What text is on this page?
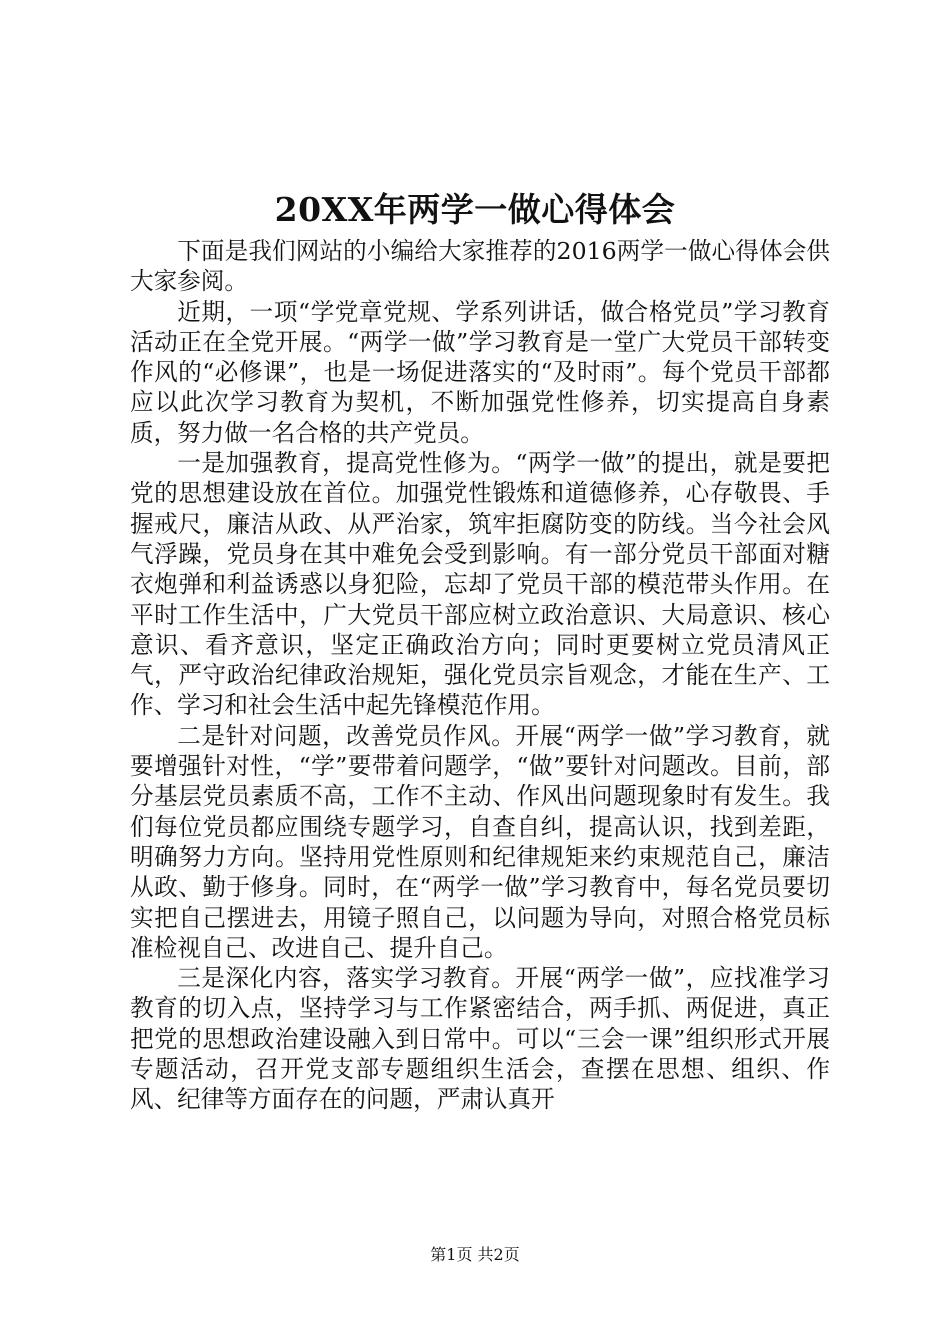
20XX年两学一做心得体会

下面是我们网站的小编给大家推荐的2016两学一做心得体会供大家参阅。

近期，一项“学党章党规、学系列讲话，做合格党员”学习教育活动正在全党开展。“两学一做”学习教育是一堂广大党员干部转变作风的“必修课”，也是一场促进落实的“及时雨”。每个党员干部都应以此次学习教育为契机，不断加强党性修养，切实提高自身素质，努力做一名合格的共产党员。

一是加强教育，提高党性修为。“两学一做”的提出，就是要把党的思想建设放在首位。加强党性锻炼和道德修养，心存敬畏、手握戒尺，廉洁从政、从严治家，筑牢拒腐防变的防线。当今社会风气浮躁，党员身在其中难免会受到影响。有一部分党员干部面对糖衣炮弹和利益诱惑以身犯险，忘却了党员干部的模范带头作用。在平时工作生活中，广大党员干部应树立政治意识、大局意识、核心意识、看齐意识，坚定正确政治方向；同时更要树立党员清风正气，严守政治纪律政治规矩，强化党员宗旨观念，才能在生产、工作、学习和社会生活中起先锋模范作用。

二是针对问题，改善党员作风。开展“两学一做”学习教育，就要增强针对性，“学”要带着问题学，“做”要针对问题改。目前，部分基层党员素质不高，工作不主动、作风出问题现象时有发生。我们每位党员都应围绕专题学习，自查自纠，提高认识，找到差距，明确努力方向。坚持用党性原则和纪律规矩来约束规范自己，廉洁从政、勤于修身。同时，在“两学一做”学习教育中，每名党员要切实把自己摆进去，用镜子照自己，以问题为导向，对照合格党员标准检视自己、改进自己、提升自己。

三是深化内容，落实学习教育。开展“两学一做”，应找准学习教育的切入点，坚持学习与工作紧密结合，两手抓、两促进，真正把党的思想政治建设融入到日常中。可以“三会一课”组织形式开展专题活动，召开党支部专题组织生活会，查摆在思想、组织、作风、纪律等方面存在的问题，严肃认真开

第1页 共2页
